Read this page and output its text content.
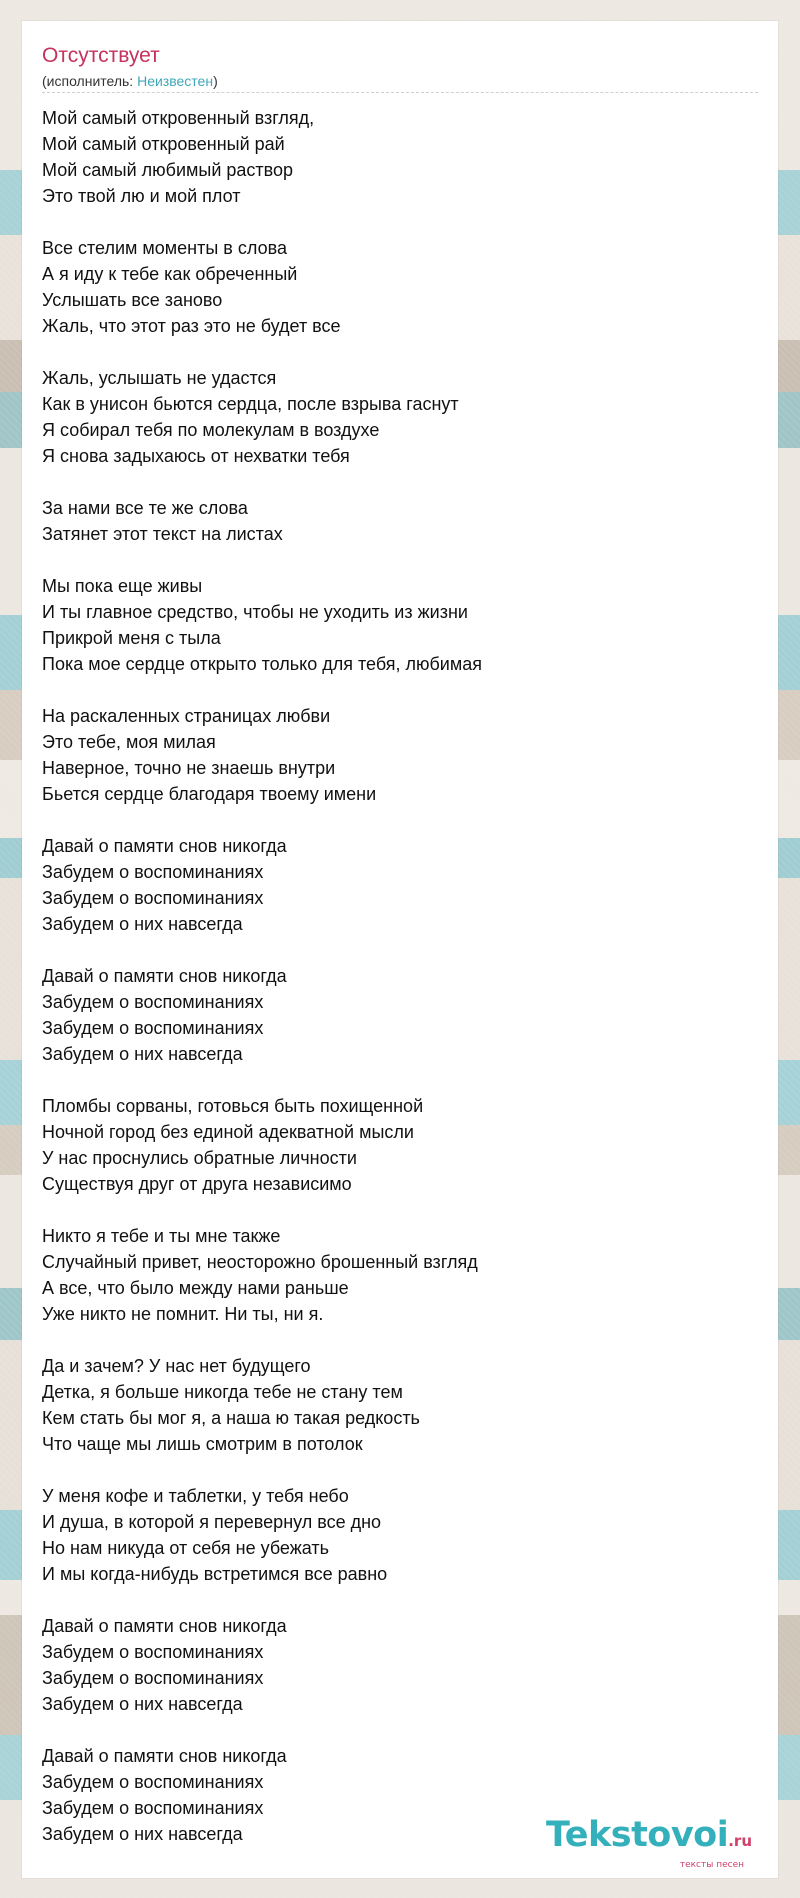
Отсутствует
(исполнитель: Неизвестен)
Мой самый откровенный взгляд,
Мой самый откровенный рай
Мой самый любимый раствор
Это твой лю и мой плот
Все стелим моменты в слова
А я иду к тебе как обреченный
Услышать все заново
Жаль, что этот раз это не будет все
Жаль, услышать не удастся
Как в унисон бьются сердца, после взрыва гаснут
Я собирал тебя по молекулам в воздухе
Я снова задыхаюсь от нехватки тебя
За нами все те же слова
Затянет этот текст на листах
Мы пока еще живы
И ты главное средство, чтобы не уходить из жизни
Прикрой меня с тыла
Пока мое сердце открыто только для тебя, любимая
На раскаленных страницах любви
Это тебе, моя милая
Наверное, точно не знаешь внутри
Бьется сердце благодаря твоему имени
Давай о памяти снов никогда
Забудем о воспоминаниях
Забудем о воспоминаниях
Забудем о них навсегда
Давай о памяти снов никогда
Забудем о воспоминаниях
Забудем о воспоминаниях
Забудем о них навсегда
Пломбы сорваны, готовься быть похищенной
Ночной город без единой адекватной мысли
У нас проснулись обратные личности
Существуя друг от друга независимо
Никто я тебе и ты мне также
Случайный привет, неосторожно брошенный взгляд
А все, что было между нами раньше
Уже никто не помнит. Ни ты, ни я.
Да и зачем? У нас нет будущего
Детка, я больше никогда тебе не стану тем
Кем стать бы мог я, а наша ю такая редкость
Что чаще мы лишь смотрим в потолок
У меня кофе и таблетки, у тебя небо
И душа, в которой я перевернул все дно
Но нам никуда от себя не убежать
И мы когда-нибудь встретимся все равно
Давай о памяти снов никогда
Забудем о воспоминаниях
Забудем о воспоминаниях
Забудем о них навсегда
Давай о памяти снов никогда
Забудем о воспоминаниях
Забудем о воспоминаниях
Забудем о них навсегда	Tekstovoi.ru
тексты песен
